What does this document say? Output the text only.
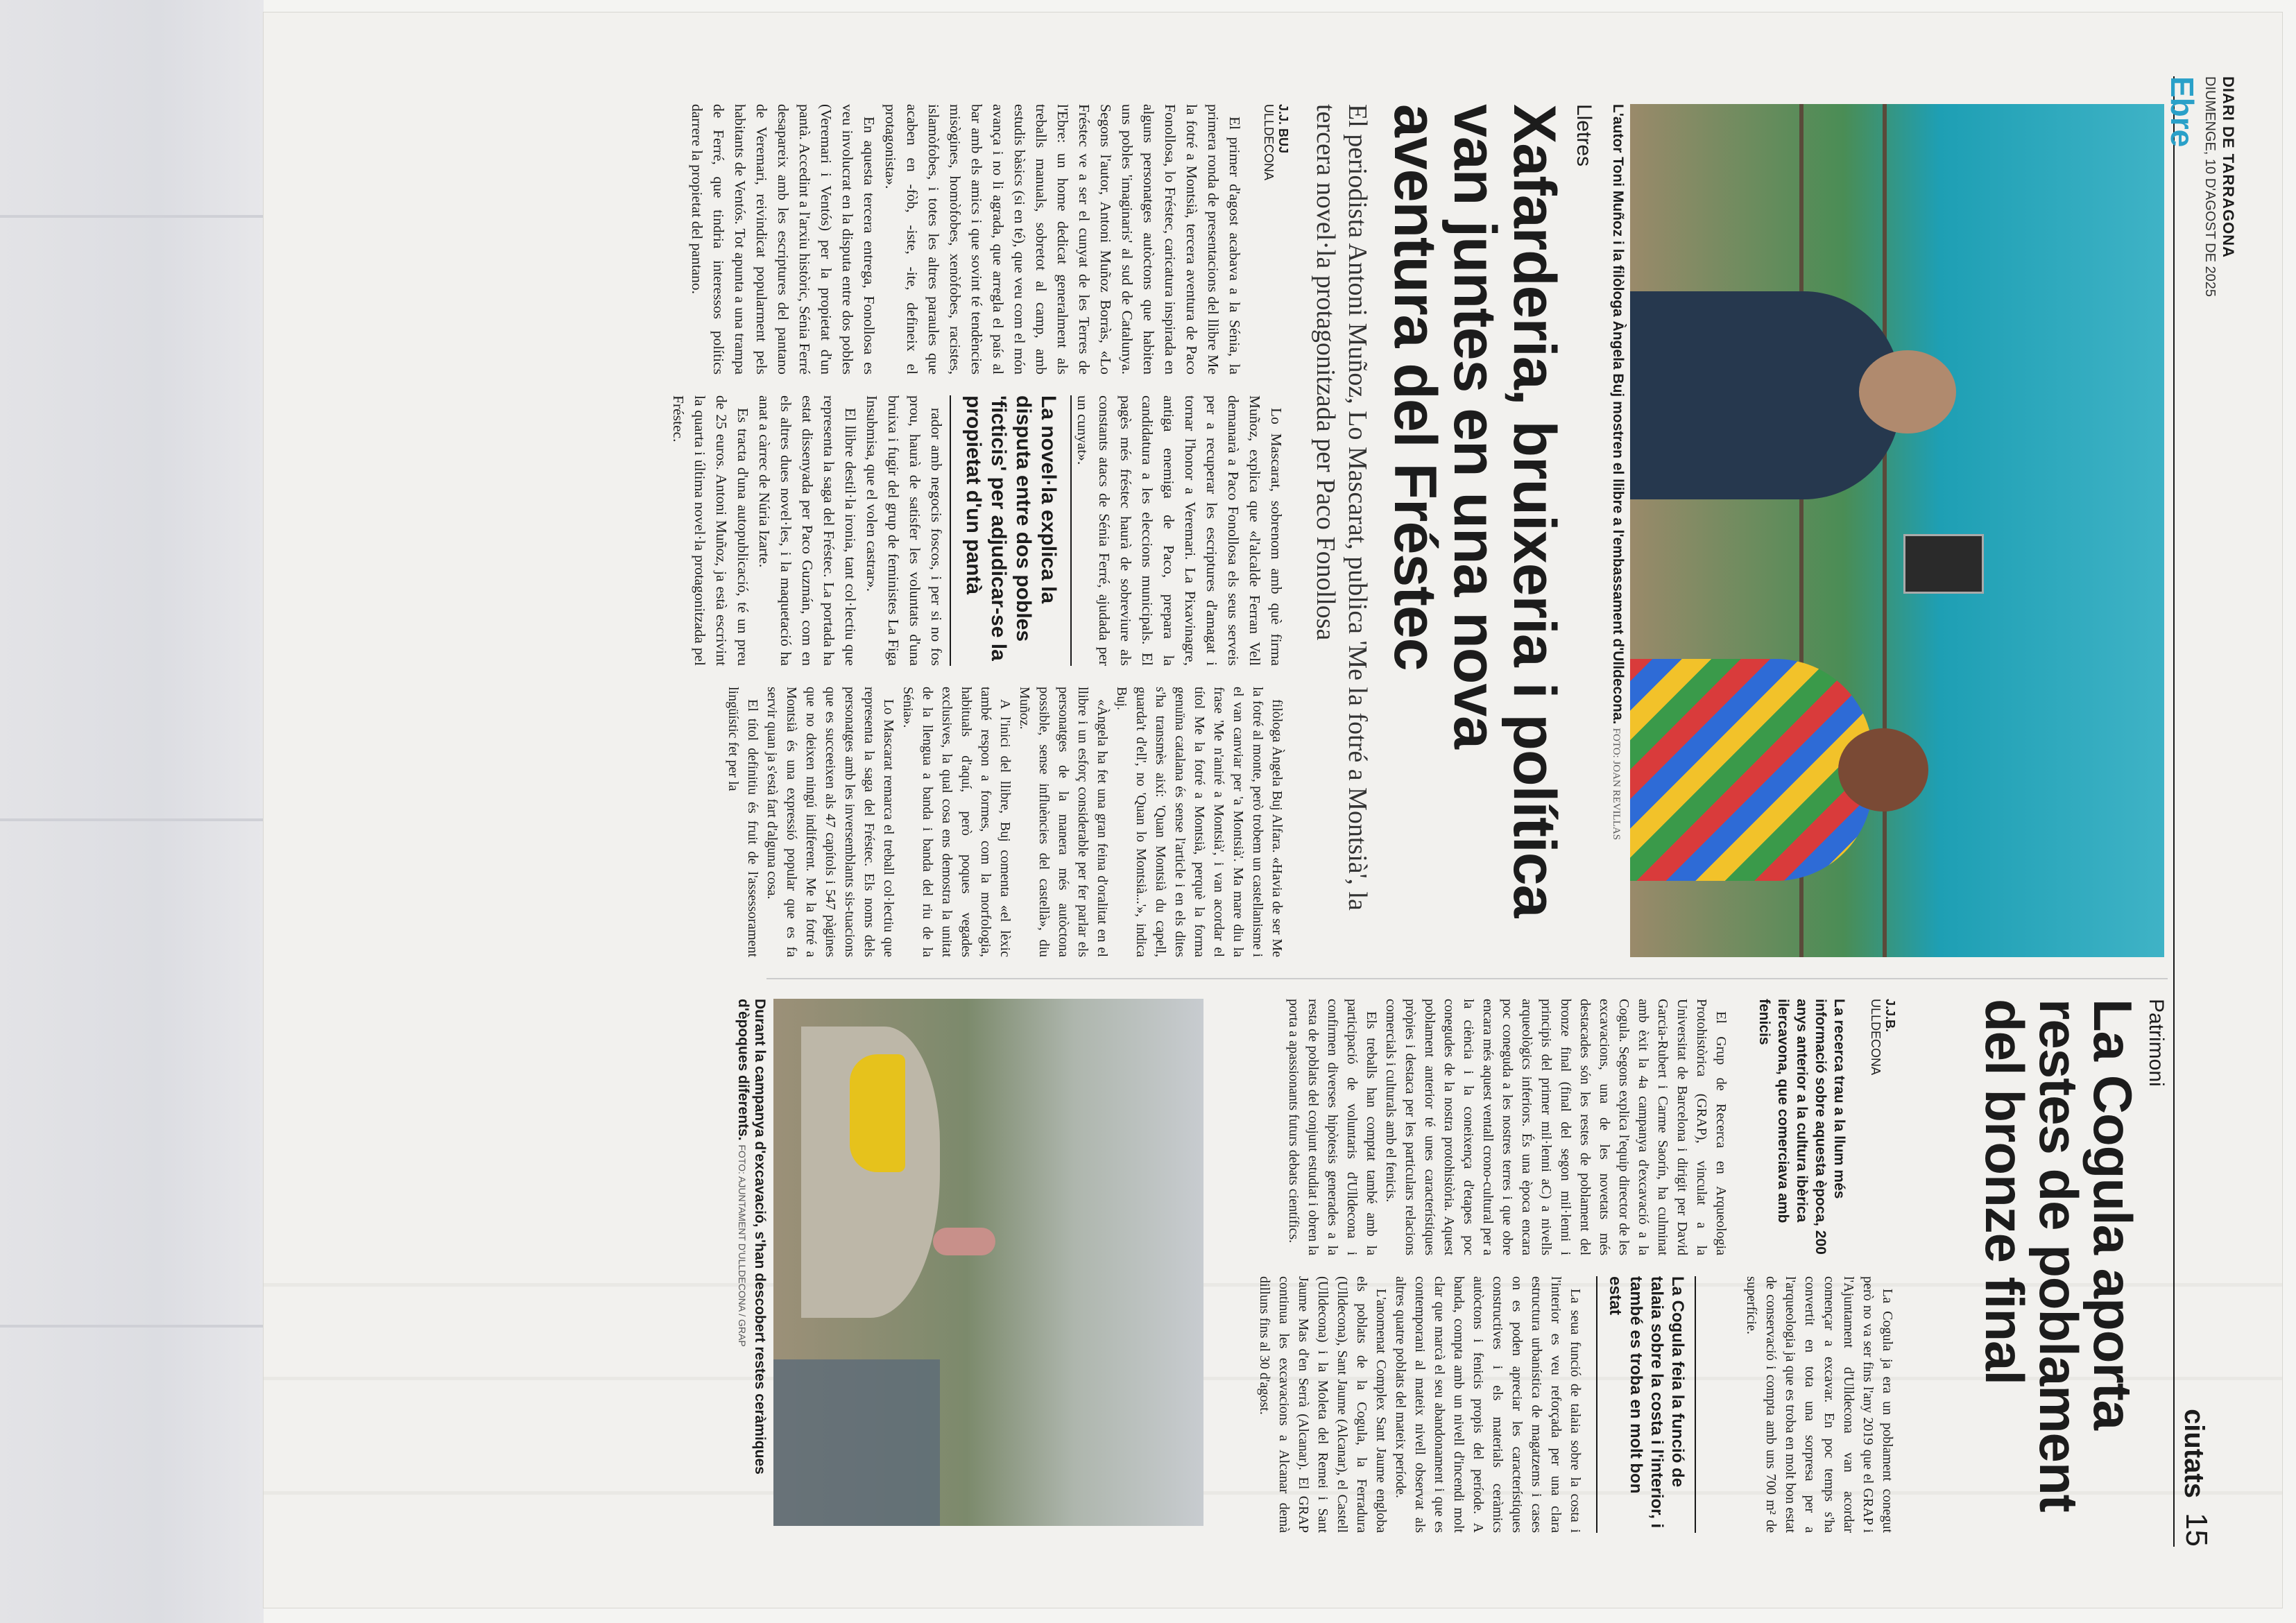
DIARI DE TARRAGONA
DIUMENGE, 10 D'AGOST DE 2025
Ebre
ciutats
15
L'autor Toni Muñoz i la filòloga Àngela Buj mostren el llibre a l'embassament d'Ulldecona. FOTO: JOAN REVILLAS
Lletres
Xafarderia, bruixeria i política van juntes en una nova aventura del Fréstec
El periodista Antoni Muñoz, Lo Mascarat, publica 'Me la fotré a Montsià', la tercera novel·la protagonitzada per Paco Fonollosa
J.J. BUJ
ULLDECONA

El primer d'agost acabava a la Sénia, la primera ronda de presentacions del llibre Me la fotré a Montsià, tercera aventura de Paco Fonollosa, lo Fréstec, caricatura inspirada en alguns personatges autòctons que habiten uns pobles 'imaginaris' al sud de Catalunya. Segons l'autor, Antoni Muñoz Borràs, «Lo Fréstec ve a ser el cunyat de les Terres de l'Ebre: un home dedicat generalment als treballs manuals, sobretot al camp, amb estudis bàsics (si en té), que veu com el món avança i no li agrada, que arregla el país al bar amb els amics i que sovint té tendències misògines, homòfobes, xenòfobes, racistes, islamòfobes, i totes les altres paraules que acaben en -fòb, -iste, -ite, defineix el protagonista».

En aquesta tercera entrega, Fonollosa es veu involucrat en la disputa entre dos pobles (Veremari i Ventós) per la propietat d'un pantà. Accedint a l'arxiu històric, Sénia Ferré desapareix amb les escriptures del pantano de Veremari, reivindicat popularment pels habitants de Ventós. Tot apunta a una trampa de Ferré, que tindria interessos polítics darrere la propietat del pantano.

Lo Mascarat, sobrenom amb què firma Muñoz, explica que «l'alcalde Ferran Vell demanarà a Paco Fonollosa els seus serveis per a recuperar les escriptures d'amagat i tornar l'honor a Veremari. La Pixavinagre, antiga enemiga de Paco, prepara la candidatura a les eleccions municipals. El pagès més fréstec haurà de sobreviure als constants atacs de Sénia Ferré, ajudada per un cunyat».

La novel·la explica la disputa entre dos pobles 'ficticis' per adjudicar-se la propietat d'un pantà

rador amb negocis foscos, i per si no fos prou, haurà de satisfer les voluntats d'una bruixa i fugir del grup de feministes La Figa Insubmisa, que el volen castrar».

El llibre destil·la ironia, tant col·lectiu que representa la saga del Fréstec. La portada ha estat dissenyada per Paco Guzmán, com en els altres dues novel·les, i la maquetació ha anat a càrrec de Núria Izarte.

Es tracta d'una autopublicació, té un preu de 25 euros. Antoni Muñoz, ja està escrivint la quarta i última novel·la protagonitzada pel Fréstec.

filòloga Àngela Buj Alfara. «Havia de ser Me la fotré al monte, però trobem un castellanisme i el van canviar per 'a Montsià'. Ma mare diu la frase 'Me n'aniré a Montsià', i van acordar el títol Me la fotré a Montsià, perquè la forma genuïna catalana és sense l'article i en els dites s'ha transmès així: 'Quan Montsià du capell, guarda't d'ell', no 'Quan lo Montsià...'», indica Buj.

«Àngela ha fet una gran feina d'oralitat en el llibre i un esforç considerable per fer parlar els personatges de la manera més autòctona possible, sense influències del castellà», diu Muñoz.

A l'inici del llibre, Buj comenta «el lèxic també respon a formes, com la morfologia, habituals d'aquí, però poques vegades exclusives, la qual cosa ens demostra la unitat de la llengua a banda i banda del riu de la Sénia».

Lo Mascarat remarca el treball col·lectiu que representa la saga del Fréstec. Els noms dels personatges amb les inversemblants sis-tuacions que es succeeixen als 47 capítols i 547 pàgines que no deixen ningú indiferent. Me la fotré a Montsià és una expressió popular que es fa servir quan ja s'està fart d'alguna cosa.

El títol definitiu és fruit de l'assessorament lingüístic fet per la

Patrimoni
La Cogula aporta restes de poblament del bronze final
J.J.B.
ULLDECONA
La recerca trau a la llum més informació sobre aquesta època, 200 anys anterior a la cultura ibèrica ilercavona, que comerciava amb fenicis

El Grup de Recerca en Arqueologia Protohistòrica (GRAP), vinculat a la Universitat de Barcelona i dirigit per David Garcia-Rubert i Carme Saorín, ha culminat amb èxit la 4a campanya d'excavació a la Cogula. Segons explica l'equip director de les excavacions, una de les novetats més destacades són les restes de poblament del bronze final (final del segon mil·lenni i principis del primer mil·lenni aC) a nivells arqueològics inferiors. És una època encara poc coneguda a les nostres terres i que obre encara més aquest ventall crono-cultural per a la ciència i la coneixença d'etapes poc conegudes de la nostra protohistòria. Aquest poblament anterior té unes característiques pròpies i destaca per les particulars relacions comercials i culturals amb el fenicis.

Els treballs han comptat també amb la participació de voluntaris d'Ulldecona i confirmen diverses hipòtesis generades a la resta de poblats del conjunt estudiat i obren la porta a apassionants futurs debats científics.

La Cogula ja era un poblament conegut però no va ser fins l'any 2019 que el GRAP i l'Ajuntament d'Ulldecona van acordar començar a excavar. En poc temps s'ha convertit en tota una sorpresa per a l'arqueologia ja que es troba en molt bon estat de conservació i compta amb uns 700 m² de superfície.

La Cogula feia la funció de talaia sobre la costa i l'interior, i també es troba en molt bon estat

La seua funció de talaia sobre la costa i l'interior es veu reforçada per una clara estructura urbanística de magatzems i cases on es poden apreciar les característiques constructives i els materials ceràmics autòctons i fenicis propis del període. A banda, compta amb un nivell d'incendi molt clar que marcà el seu abandonament i que es contemporani al mateix nivell observat als altres quatre poblats del mateix període.

L'anomenat Complex Sant Jaume engloba els poblats de la Cogula, la Ferradura (Ulldecona), Sant Jaume (Alcanar), el Castell (Ulldecona) i la Moleta del Remei i Sant Jaume Mas d'en Serrà (Alcanar). El GRAP continua les excavacions a Alcanar demà dilluns fins al 30 d'agost.

Durant la campanya d'excavació, s'han descobert restes ceràmiques d'èpoques diferents. FOTO: AJUNTAMENT D'ULLDECONA / GRAP
